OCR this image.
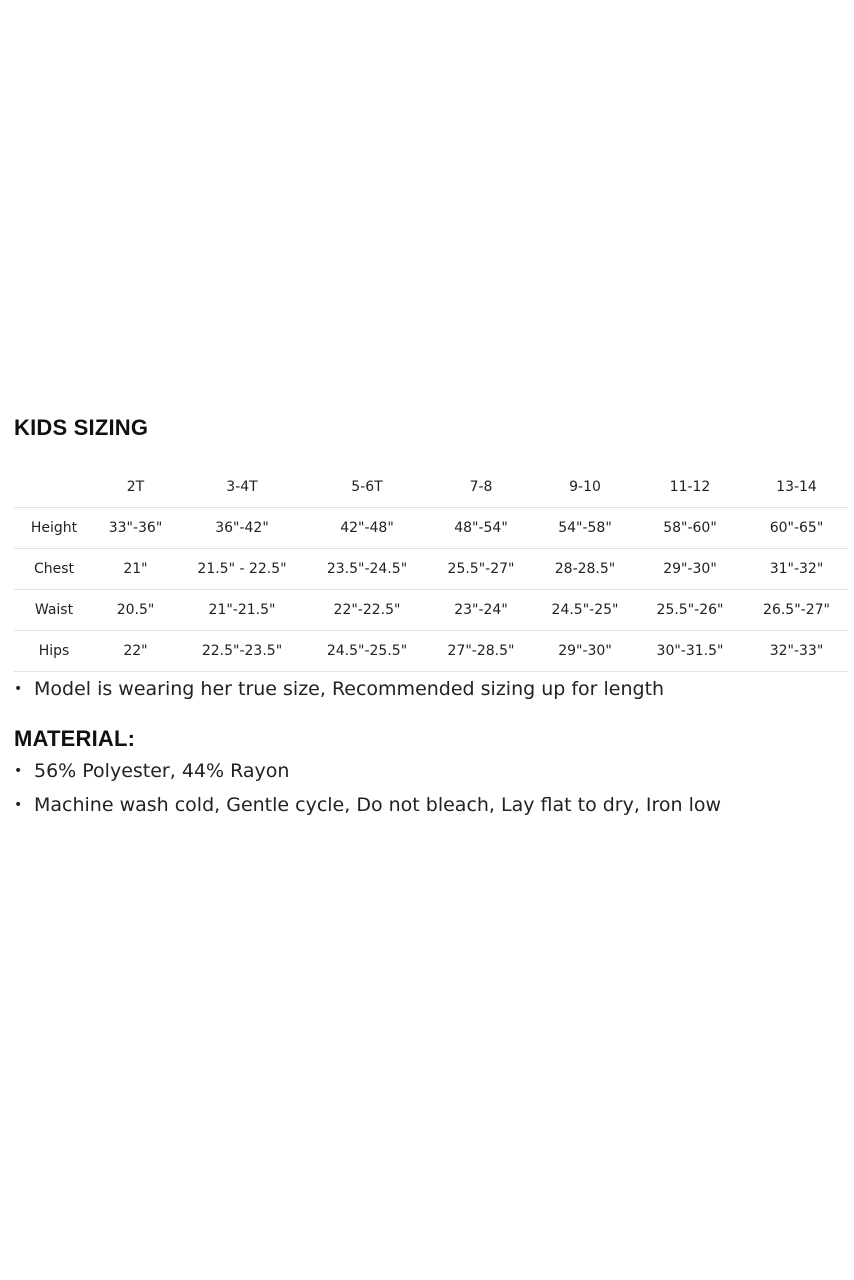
KIDS SIZING
	2T	3-4T	5-6T	7-8	9-10	11-12	13-14
Height	33"-36"	36"-42"	42"-48"	48"-54"	54"-58"	58"-60"	60"-65"
Chest	21"	21.5" - 22.5"	23.5"-24.5"	25.5"-27"	28-28.5"	29"-30"	31"-32"
Waist	20.5"	21"-21.5"	22"-22.5"	23"-24"	24.5"-25"	25.5"-26"	26.5"-27"
Hips	22"	22.5"-23.5"	24.5"-25.5"	27"-28.5"	29"-30"	30"-31.5"	32"-33"
• Model is wearing her true size, Recommended sizing up for length
MATERIAL:
• 56% Polyester, 44% Rayon
• Machine wash cold, Gentle cycle, Do not bleach, Lay flat to dry, Iron low
